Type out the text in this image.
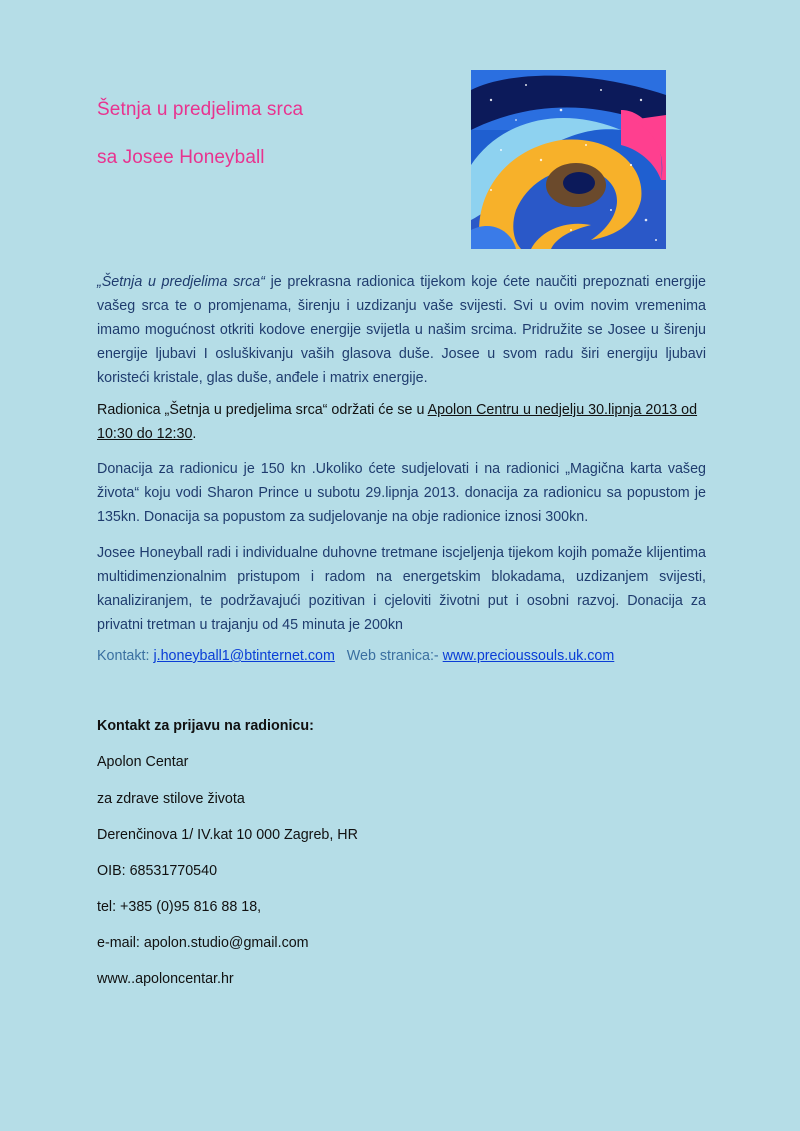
Šetnja u predjelima srca
sa Josee Honeyball

„Šetnja u predjelima srca“ je prekrasna radionica tijekom koje ćete naučiti prepoznati energije vašeg srca te o promjenama, širenju i uzdizanju vaše svijesti. Svi u ovim novim vremenima imamo mogućnost otkriti kodove energije svijetla u našim srcima. Pridružite se Josee u širenju energije ljubavi I osluškivanju vaših glasova duše. Josee u svom radu širi energiju ljubavi koristeći kristale, glas duše, anđele i matrix energije.

Radionica „Šetnja u predjelima srca“ održati će se u Apolon Centru u nedjelju 30.lipnja 2013 od 10:30 do 12:30.

Donacija za radionicu je 150 kn .Ukoliko ćete sudjelovati i na radionici „Magična karta vašeg života“ koju vodi Sharon Prince u subotu 29.lipnja 2013. donacija za radionicu sa popustom je 135kn. Donacija sa popustom za sudjelovanje na obje radionice iznosi 300kn.

Josee Honeyball radi i individualne duhovne tretmane iscjeljenja tijekom kojih pomaže klijentima multidimenzionalnim pristupom i radom na energetskim blokadama, uzdizanjem svijesti, kanaliziranjem, te podržavajući pozitivan i cjeloviti životni put i osobni razvoj. Donacija za privatni tretman u trajanju od 45 minuta je 200kn

Kontakt: j.honeyball1@btinternet.com   Web stranica:- www.precioussouls.uk.com

Kontakt za prijavu na radionicu:

Apolon Centar

za zdrave stilove života

Derenčinova 1/ IV.kat 10 000 Zagreb, HR

OIB: 68531770540

tel: +385 (0)95 816 88 18,

e-mail: apolon.studio@gmail.com

www..apoloncentar.hr
